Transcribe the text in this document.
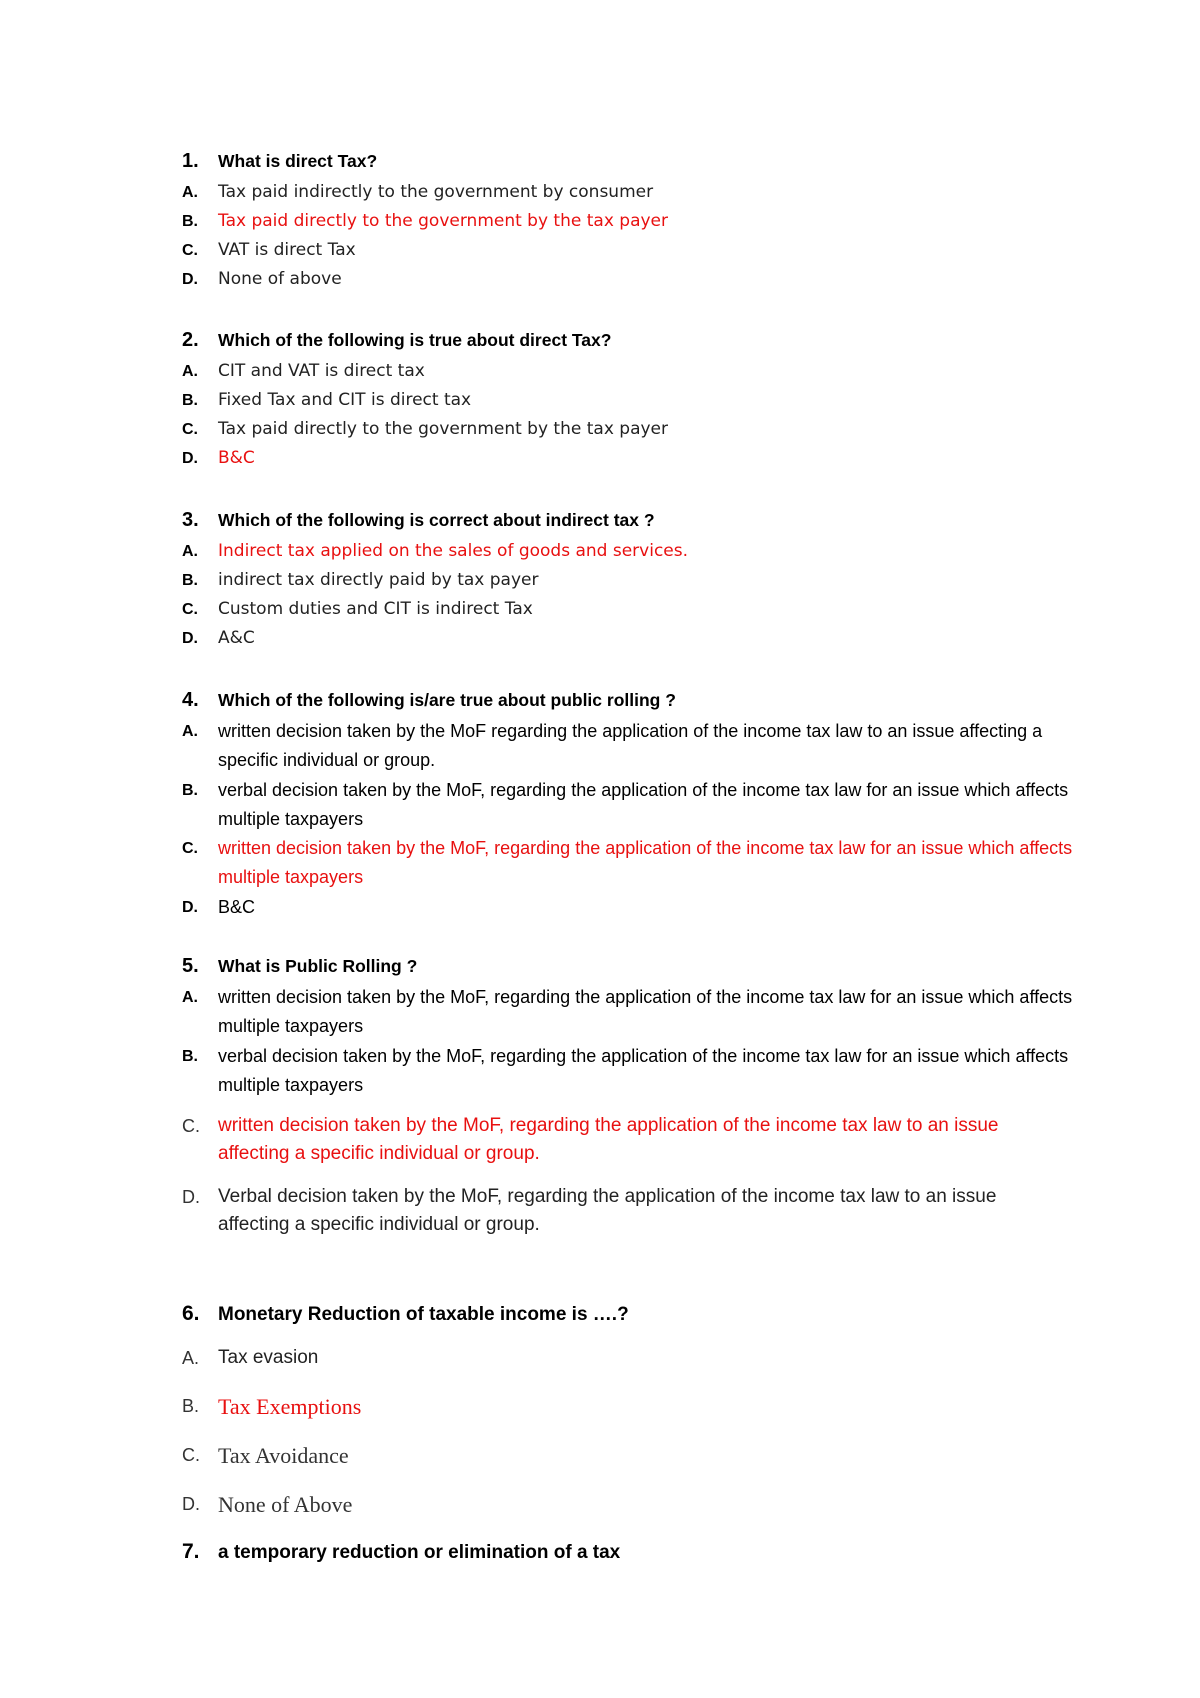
1. What is direct Tax?
A.	Tax paid indirectly to the government by consumer
B.	Tax paid directly to the government by the tax payer
C.	VAT is direct Tax
D.	None of above
2. Which of the following is true about direct Tax?
A.	CIT and VAT is direct tax
B.	Fixed Tax and CIT is direct tax
C.	Tax paid directly to the government by the tax payer
D.	B&C
3. Which of the following is correct about indirect tax ?
A.	Indirect tax applied on the sales of goods and services.
B.	indirect tax directly paid by tax payer
C.	Custom duties and CIT is indirect Tax
D.	A&C
4. Which of the following is/are true about public rolling ?
A.	written decision taken by the MoF regarding the application of the income tax law to an issue affecting a specific individual or group.
B.	verbal decision taken by the MoF, regarding the application of the income tax law for an issue which affects multiple taxpayers
C.	written decision taken by the MoF, regarding the application of the income tax law for an issue which affects multiple taxpayers
D.	B&C
5. What is Public Rolling ?
A.	written decision taken by the MoF, regarding the application of the income tax law for an issue which affects multiple taxpayers
B.	verbal decision taken by the MoF, regarding the application of the income tax law for an issue which affects multiple taxpayers
C. written decision taken by the MoF, regarding the application of the income tax law to an issue affecting a specific individual or group.
D. Verbal decision taken by the MoF, regarding the application of the income tax law to an issue affecting a specific individual or group.
6. Monetary Reduction of taxable income is ….?
A. Tax evasion
B. Tax Exemptions
C. Tax Avoidance
D. None of Above
7. a temporary reduction or elimination of a tax
